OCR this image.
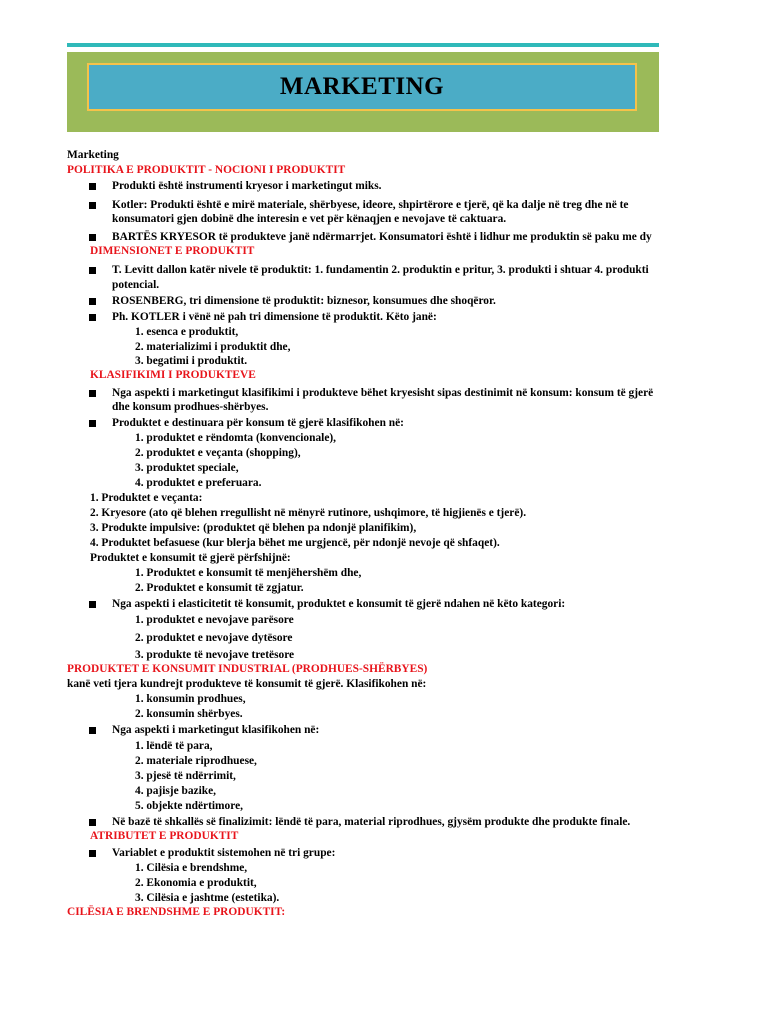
MARKETING
Marketing
POLITIKA E PRODUKTIT - NOCIONI I PRODUKTIT
Produkti është instrumenti kryesor i marketingut miks.
Kotler: Produkti është e mirë materiale, shërbyese, ideore, shpirtërore e tjerë, që ka dalje në treg dhe në te
konsumatori gjen dobinë dhe interesin e vet për kënaqjen e nevojave të caktuara.
BARTËS KRYESOR të produkteve janë ndërmarrjet. Konsumatori është i lidhur me produktin së paku me dy
DIMENSIONET E PRODUKTIT
T. Levitt dallon katër nivele të produktit: 1. fundamentin 2. produktin e pritur, 3. produkti i shtuar 4. produkti
potencial.
ROSENBERG, tri dimensione të produktit: biznesor, konsumues dhe shoqëror.
Ph. KOTLER i vënë në pah tri dimensione të produktit. Këto janë:
1. esenca e produktit,
2. materializimi i produktit dhe,
3. begatimi i produktit.
KLASIFIKIMI I PRODUKTEVE
Nga aspekti i marketingut klasifikimi i produkteve bëhet kryesisht sipas destinimit në konsum: konsum të gjerë
dhe konsum prodhues-shërbyes.
Produktet e destinuara për konsum të gjerë klasifikohen në:
1. produktet e rëndomta (konvencionale),
2. produktet e veçanta (shopping),
3. produktet speciale,
4. produktet e preferuara.
1. Produktet e veçanta:
2. Kryesore (ato që blehen rregullisht në mënyrë rutinore, ushqimore, të higjienës e tjerë).
3. Produkte impulsive: (produktet që blehen pa ndonjë planifikim),
4. Produktet befasuese (kur blerja bëhet me urgjencë, për ndonjë nevoje që shfaqet).
Produktet e konsumit të gjerë përfshijnë:
1. Produktet e konsumit të menjëhershëm dhe,
2. Produktet e konsumit të zgjatur.
Nga aspekti i elasticitetit të konsumit, produktet e konsumit të gjerë ndahen në këto kategori:
1. produktet e nevojave parësore
2. produktet e nevojave dytësore
3. produkte të nevojave tretësore
PRODUKTET E KONSUMIT INDUSTRIAL (PRODHUES-SHËRBYES)
kanë veti tjera kundrejt produkteve të konsumit të gjerë. Klasifikohen në:
1. konsumin prodhues,
2. konsumin shërbyes.
Nga aspekti i marketingut klasifikohen në:
1. lëndë të para,
2. materiale riprodhuese,
3. pjesë të ndërrimit,
4. pajisje bazike,
5. objekte ndërtimore,
Në bazë të shkallës së finalizimit: lëndë të para, material riprodhues, gjysëm produkte dhe produkte finale.
ATRIBUTET E PRODUKTIT
Variablet e produktit sistemohen në tri grupe:
1. Cilësia e brendshme,
2. Ekonomia e produktit,
3. Cilësia e jashtme (estetika).
CILËSIA E BRENDSHME E PRODUKTIT:
